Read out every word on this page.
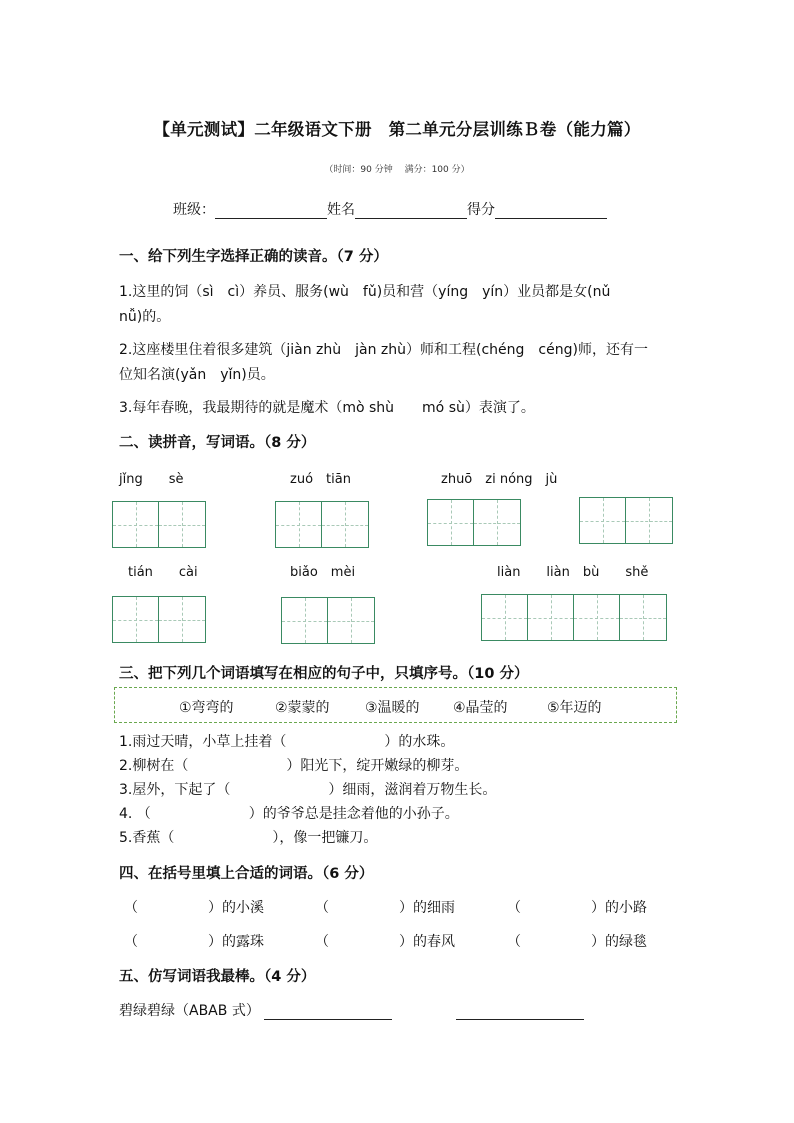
【单元测试】二年级语文下册　第二单元分层训练Ｂ卷（能力篇）
（时间：90 分钟　 满分：100 分）
班级：	姓名	得分
一、给下列生字选择正确的读音。（7 分）
1.这里的饲（sì　cì）养员、服务(wù　fǔ)员和营（yíng　yín）业员都是女(nǔ
nǚ)的。
2.这座楼里住着很多建筑（jiàn zhù　jàn zhù）师和工程(chéng　céng)师，还有一
位知名演(yǎn　yǐn)员。
3.每年春晚，我最期待的就是魔术（mò shù　　mó sù）表演了。
二、读拼音，写词语。（8 分）
jǐng　　sè	zuó　tiān	zhuō　zi nóng　jù
tián　　cài	biǎo　mèi	liàn　　liàn　bù　　shě
三、把下列几个词语填写在相应的句子中，只填序号。（10 分）
①弯弯的	②蒙蒙的	③温暖的 ④晶莹的	⑤年迈的
1.雨过天晴，小草上挂着（　　　　　　　）的水珠。
2.柳树在（　　　　　　　）阳光下，绽开嫩绿的柳芽。
3.屋外，下起了（　　　　　　　）细雨，滋润着万物生长。
4. （　　　　　　　）的爷爷总是挂念着他的小孙子。
5.香蕉（　　　　　　　），像一把镰刀。
四、在括号里填上合适的词语。（6 分）
（　　　　　）的小溪	（　　　　　）的细雨	（　　　　　）的小路
（　　　　　）的露珠	（　　　　　）的春风	（　　　　　）的绿毯
五、仿写词语我最棒。（4 分）
碧绿碧绿（ABAB 式）
